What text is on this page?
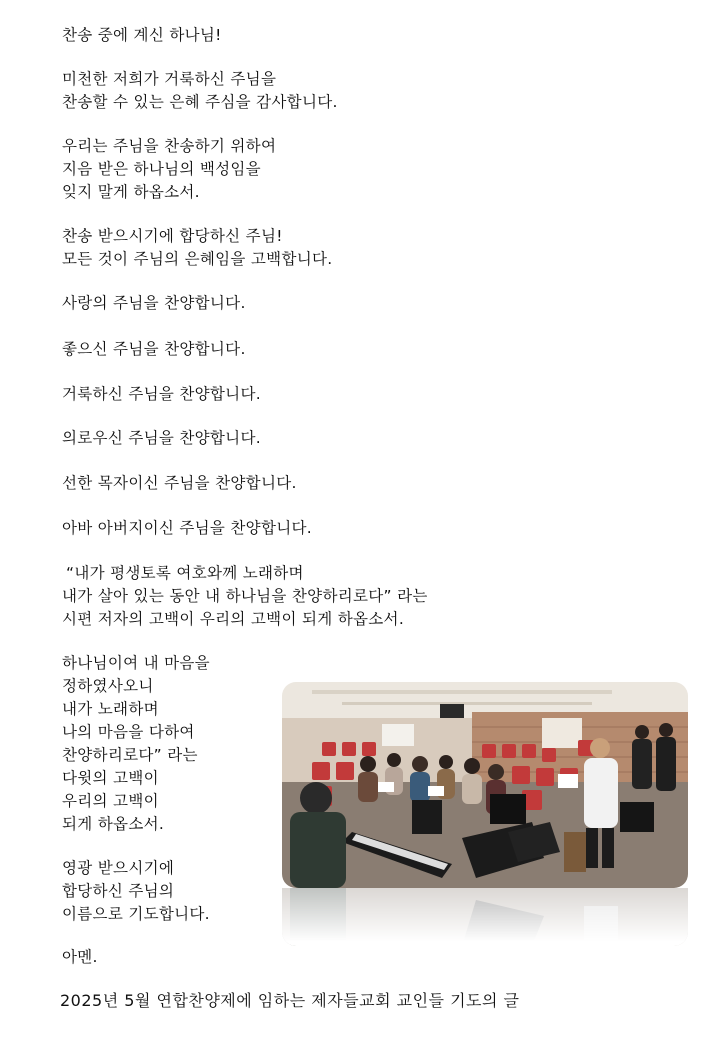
찬송 중에 계신 하나님!
미천한 저희가 거룩하신 주님을
찬송할 수 있는 은혜 주심을 감사합니다.
우리는 주님을 찬송하기 위하여
지음 받은 하나님의 백성임을
잊지 말게 하옵소서.
찬송 받으시기에 합당하신 주님!
모든 것이 주님의 은혜임을 고백합니다.
사랑의 주님을 찬양합니다.
좋으신 주님을 찬양합니다.
거룩하신 주님을 찬양합니다.
의로우신 주님을 찬양합니다.
선한 목자이신 주님을 찬양합니다.
아바 아버지이신 주님을 찬양합니다.
“내가 평생토록 여호와께 노래하며
내가 살아 있는 동안 내 하나님을 찬양하리로다” 라는
시편 저자의 고백이 우리의 고백이 되게 하옵소서.
하나님이여 내 마음을
정하였사오니
내가 노래하며
나의 마음을 다하여
찬양하리로다” 라는
다윗의 고백이
우리의 고백이
되게 하옵소서.
영광 받으시기에
합당하신 주님의
이름으로 기도합니다.
아멘.
2025년 5월 연합찬양제에 임하는 제자들교회 교인들 기도의 글
